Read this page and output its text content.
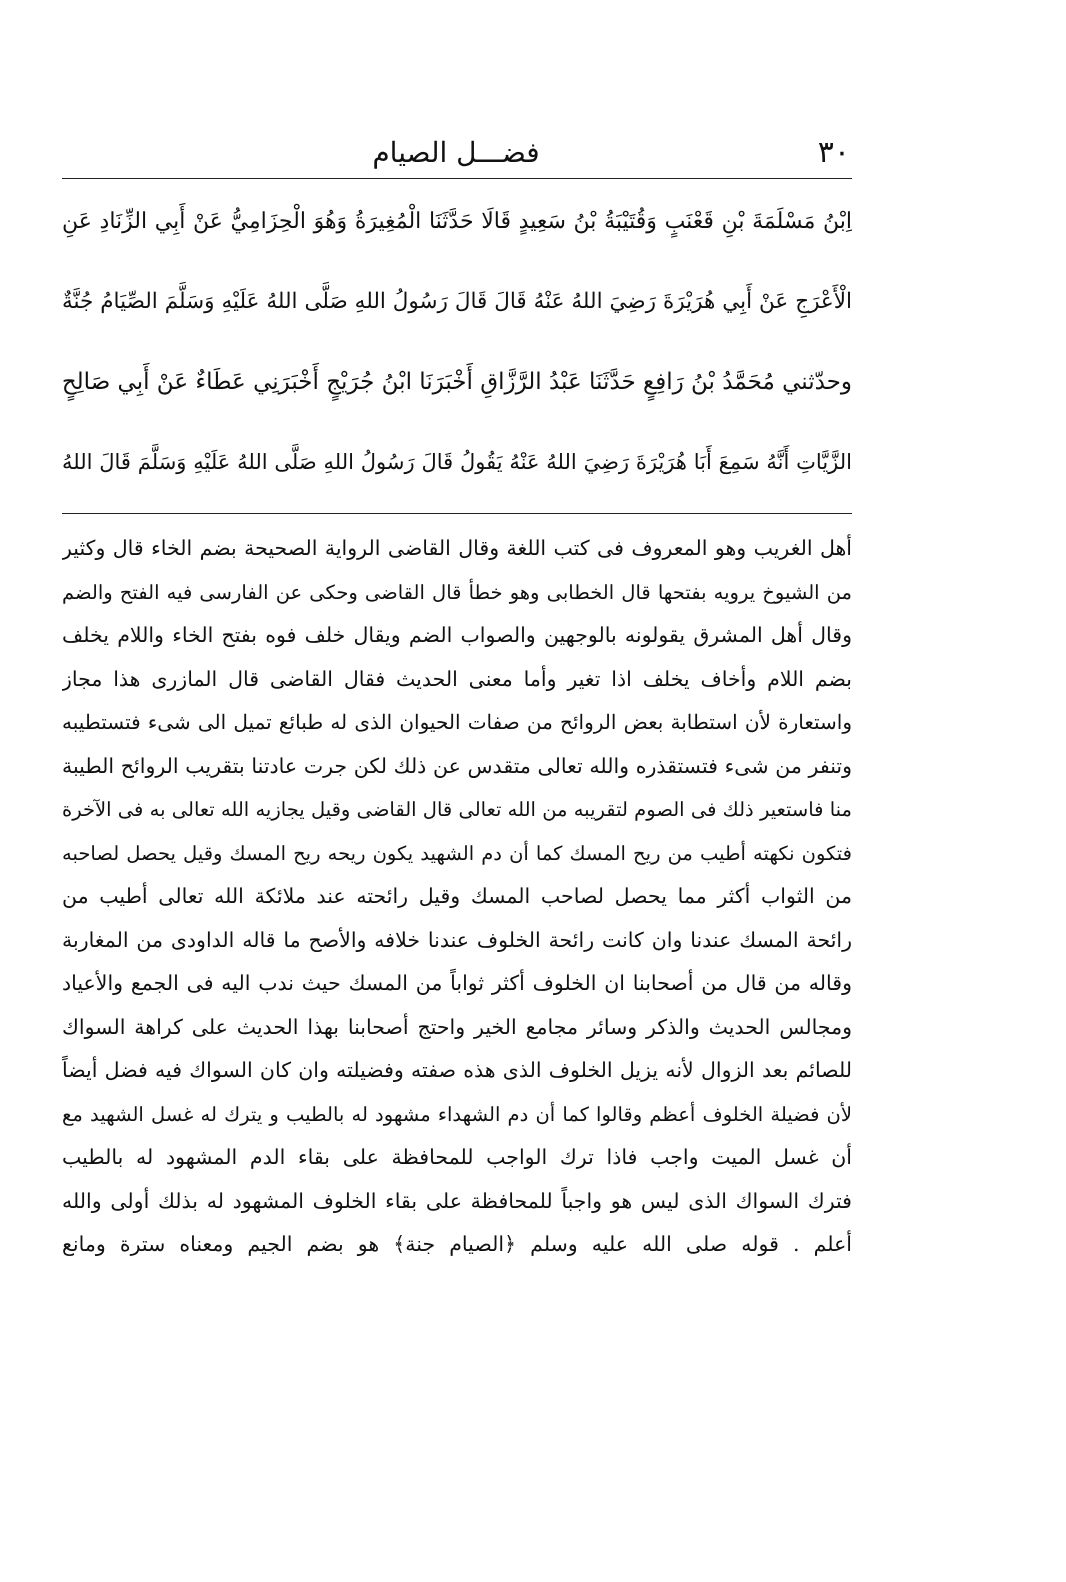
٣٠
فضـــل الصيام
اِبْنُ مَسْلَمَةَ بْنِ قَعْنَبٍ وَقُتَيْبَةُ بْنُ سَعِيدٍ قَالَا حَدَّثَنَا الْمُغِيرَةُ وَهُوَ الْحِزَامِيُّ عَنْ أَبِي الزِّنَادِ عَنِ
الْأَعْرَجِ عَنْ أَبِي هُرَيْرَةَ رَضِيَ اللهُ عَنْهُ قَالَ قَالَ رَسُولُ اللهِ صَلَّى اللهُ عَلَيْهِ وَسَلَّمَ الصِّيَامُ جُنَّةٌ
وحدّثني مُحَمَّدُ بْنُ رَافِعٍ حَدَّثَنَا عَبْدُ الرَّزَّاقِ أَخْبَرَنَا ابْنُ جُرَيْجٍ أَخْبَرَنِي عَطَاءٌ عَنْ أَبِي صَالِحٍ
الزَّيَّاتِ أَنَّهُ سَمِعَ أَبَا هُرَيْرَةَ رَضِيَ اللهُ عَنْهُ يَقُولُ قَالَ رَسُولُ اللهِ صَلَّى اللهُ عَلَيْهِ وَسَلَّمَ قَالَ اللهُ
أهل الغريب وهو المعروف فى كتب اللغة وقال القاضى الرواية الصحيحة بضم الخاء قال وكثير
من الشيوخ يرويه بفتحها قال الخطابى وهو خطأ قال القاضى وحكى عن الفارسى فيه الفتح والضم
وقال أهل المشرق يقولونه بالوجهين والصواب الضم ويقال خلف فوه بفتح الخاء واللام يخلف
بضم اللام وأخاف يخلف اذا تغير وأما معنى الحديث فقال القاضى قال المازرى هذا مجاز
واستعارة لأن استطابة بعض الروائح من صفات الحيوان الذى له طبائع تميل الى شىء فتستطيبه
وتنفر من شىء فتستقذره والله تعالى متقدس عن ذلك لكن جرت عادتنا بتقريب الروائح الطيبة
منا فاستعير ذلك فى الصوم لتقريبه من الله تعالى قال القاضى وقيل يجازيه الله تعالى به فى الآخرة
فتكون نكهته أطيب من ريح المسك كما أن دم الشهيد يكون ريحه ريح المسك وقيل يحصل لصاحبه
من الثواب أكثر مما يحصل لصاحب المسك وقيل رائحته عند ملائكة الله تعالى أطيب من
رائحة المسك عندنا وان كانت رائحة الخلوف عندنا خلافه والأصح ما قاله الداودى من المغاربة
وقاله من قال من أصحابنا ان الخلوف أكثر ثواباً من المسك حيث ندب اليه فى الجمع والأعياد
ومجالس الحديث والذكر وسائر مجامع الخير واحتج أصحابنا بهذا الحديث على كراهة السواك
للصائم بعد الزوال لأنه يزيل الخلوف الذى هذه صفته وفضيلته وان كان السواك فيه فضل أيضاً
لأن فضيلة الخلوف أعظم وقالوا كما أن دم الشهداء مشهود له بالطيب و يترك له غسل الشهيد مع
أن غسل الميت واجب فاذا ترك الواجب للمحافظة على بقاء الدم المشهود له بالطيب
فترك السواك الذى ليس هو واجباً للمحافظة على بقاء الخلوف المشهود له بذلك أولى والله
أعلم . قوله صلى الله عليه وسلم ﴿الصيام جنة﴾ هو بضم الجيم ومعناه سترة ومانع
